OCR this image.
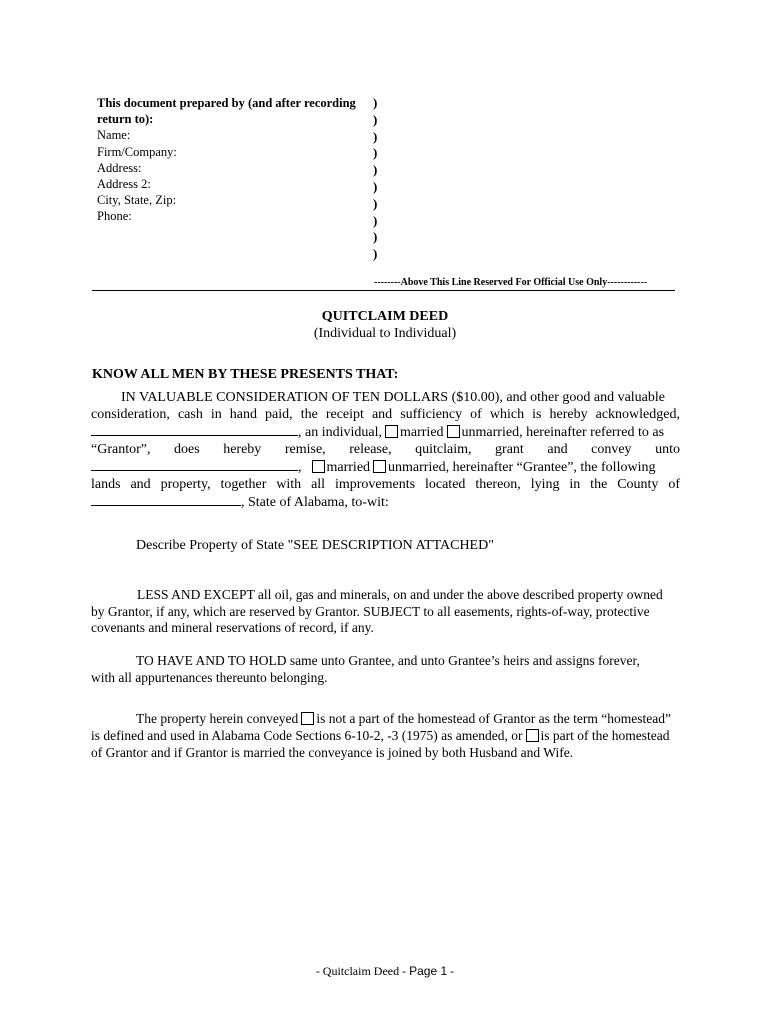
This document prepared by (and after recording
return to):
Name:
Firm/Company:
Address:
Address 2:
City, State, Zip:
Phone:
)
)
)
)
)
)
)
)
)
)
--------Above This Line Reserved For Official Use Only------------
QUITCLAIM DEED
(Individual to Individual)
KNOW ALL MEN BY THESE PRESENTS THAT:
IN VALUABLE CONSIDERATION OF TEN DOLLARS ($10.00), and other good and valuable
consideration, cash in hand paid, the receipt and sufficiency of which is hereby acknowledged,
, an individual, married unmarried, hereinafter referred to as
“Grantor”, does hereby remise, release, quitclaim, grant and convey unto
, married unmarried, hereinafter “Grantee”, the following
lands and property, together with all improvements located thereon, lying in the County of
, State of Alabama, to-wit:
Describe Property of State "SEE DESCRIPTION ATTACHED"
LESS AND EXCEPT all oil, gas and minerals, on and under the above described property owned
by Grantor, if any, which are reserved by Grantor. SUBJECT to all easements, rights-of-way, protective
covenants and mineral reservations of record, if any.
TO HAVE AND TO HOLD same unto Grantee, and unto Grantee’s heirs and assigns forever,
with all appurtenances thereunto belonging.
The property herein conveyed is not a part of the homestead of Grantor as the term “homestead”
is defined and used in Alabama Code Sections 6-10-2, -3 (1975) as amended, or is part of the homestead
of Grantor and if Grantor is married the conveyance is joined by both Husband and Wife.
- Quitclaim Deed - Page 1 -
